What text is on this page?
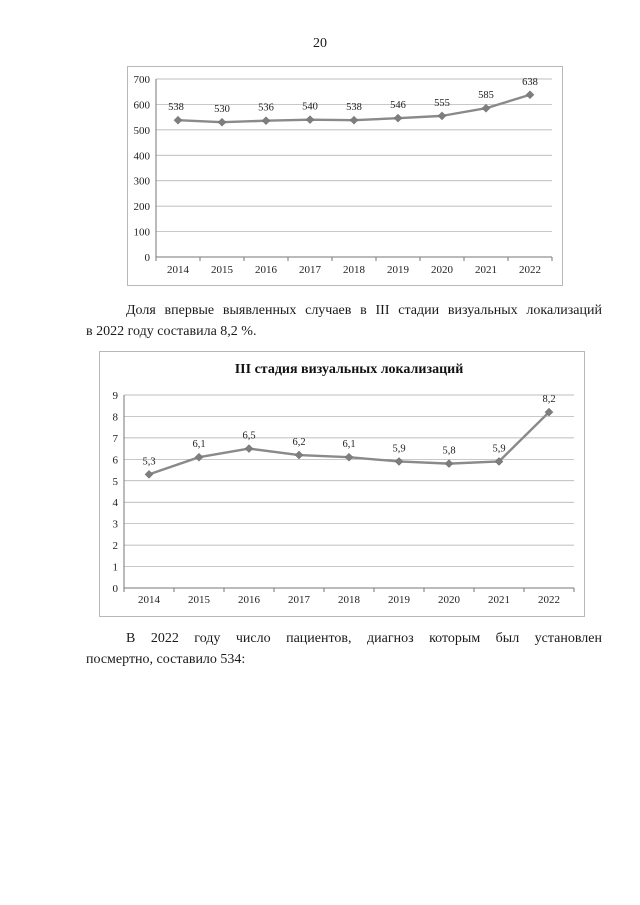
20
0
100
200
300
400
500
600
700
2014 2015 2016 2017 2018 2019 2020 2021 2022
538	530	536	540	538	546	555
585
638
Доля впервые выявленных случаев в III стадии визуальных локализаций
в 2022 году составила 8,2 %.
III стадия визуальных локализаций
0
1
2
3
4
5
6
7
8
9
2014	2015	2016	2017	2018	2019	2020	2021	2022
5,3
6,1
6,5
6,2	6,1	5,9	5,8	5,9
8,2
В 2022 году число пациентов, диагноз которым был установлен
посмертно, составило 534:
